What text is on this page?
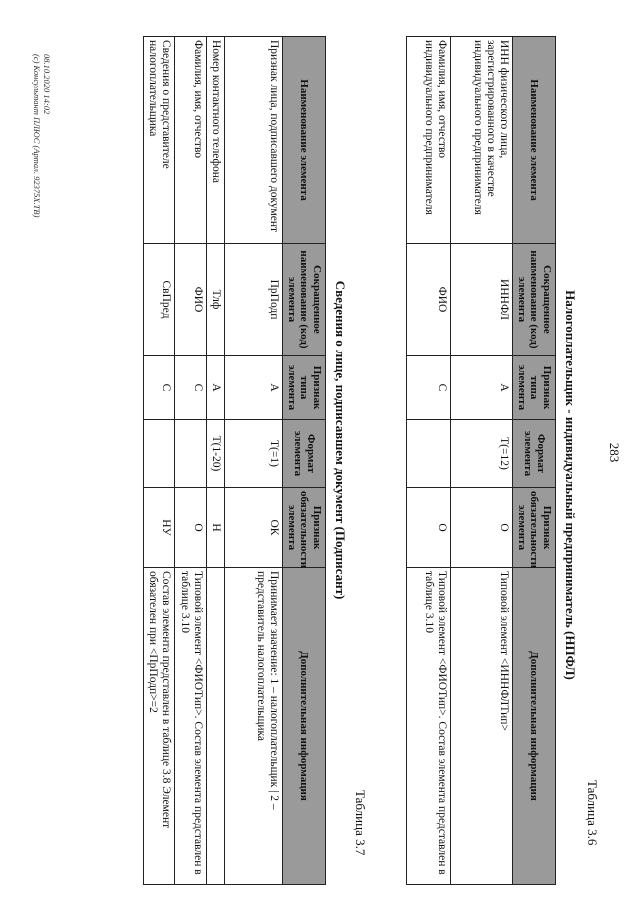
283
Таблица 3.6
Налогоплательщик - индивидуальный предприниматель (НПФЛ)
Наименование элемента	Сокращенное наименование (код) элемента	Признак типа элемента	Формат элемента	Признак обязательности элемента	Дополнительная информация
ИНН физического лица, зарегистрированного в качестве индивидуального предпринимателя	ИННФЛ	А	Т(=12)	О	Типовой элемент <ИННФЛТип>
Фамилия, имя, отчество индивидуального предпринимателя	ФИО	С		О	Типовой элемент <ФИОТип>. Состав элемента представлен в таблице 3.10
Таблица 3.7
Сведения о лице, подписавшем документ (Подписант)
Наименование элемента	Сокращенное наименование (код) элемента	Признак типа элемента	Формат элемента	Признак обязательности элемента	Дополнительная информация
Признак лица, подписавшего документ	ПрПодп	А	Т(=1)	ОК	Принимает значение: 1 – налогоплательщик | 2 – представитель налогоплательщика
Номер контактного телефона	Тлф	А	Т(1-20)	Н	
Фамилия, имя, отчество	ФИО	С		О	Типовой элемент <ФИОТип>. Состав элемента представлен в таблице 3.10
Сведения о представителе налогоплательщика	СвПред	С		НУ	Состав элемента представлен в таблице 3.8 Элемент обязателен при <ПрПодп>=2
08.10.2020 14:02
(c) Консультант ПЛЮС (Артал. 92375Х.ТВ)
